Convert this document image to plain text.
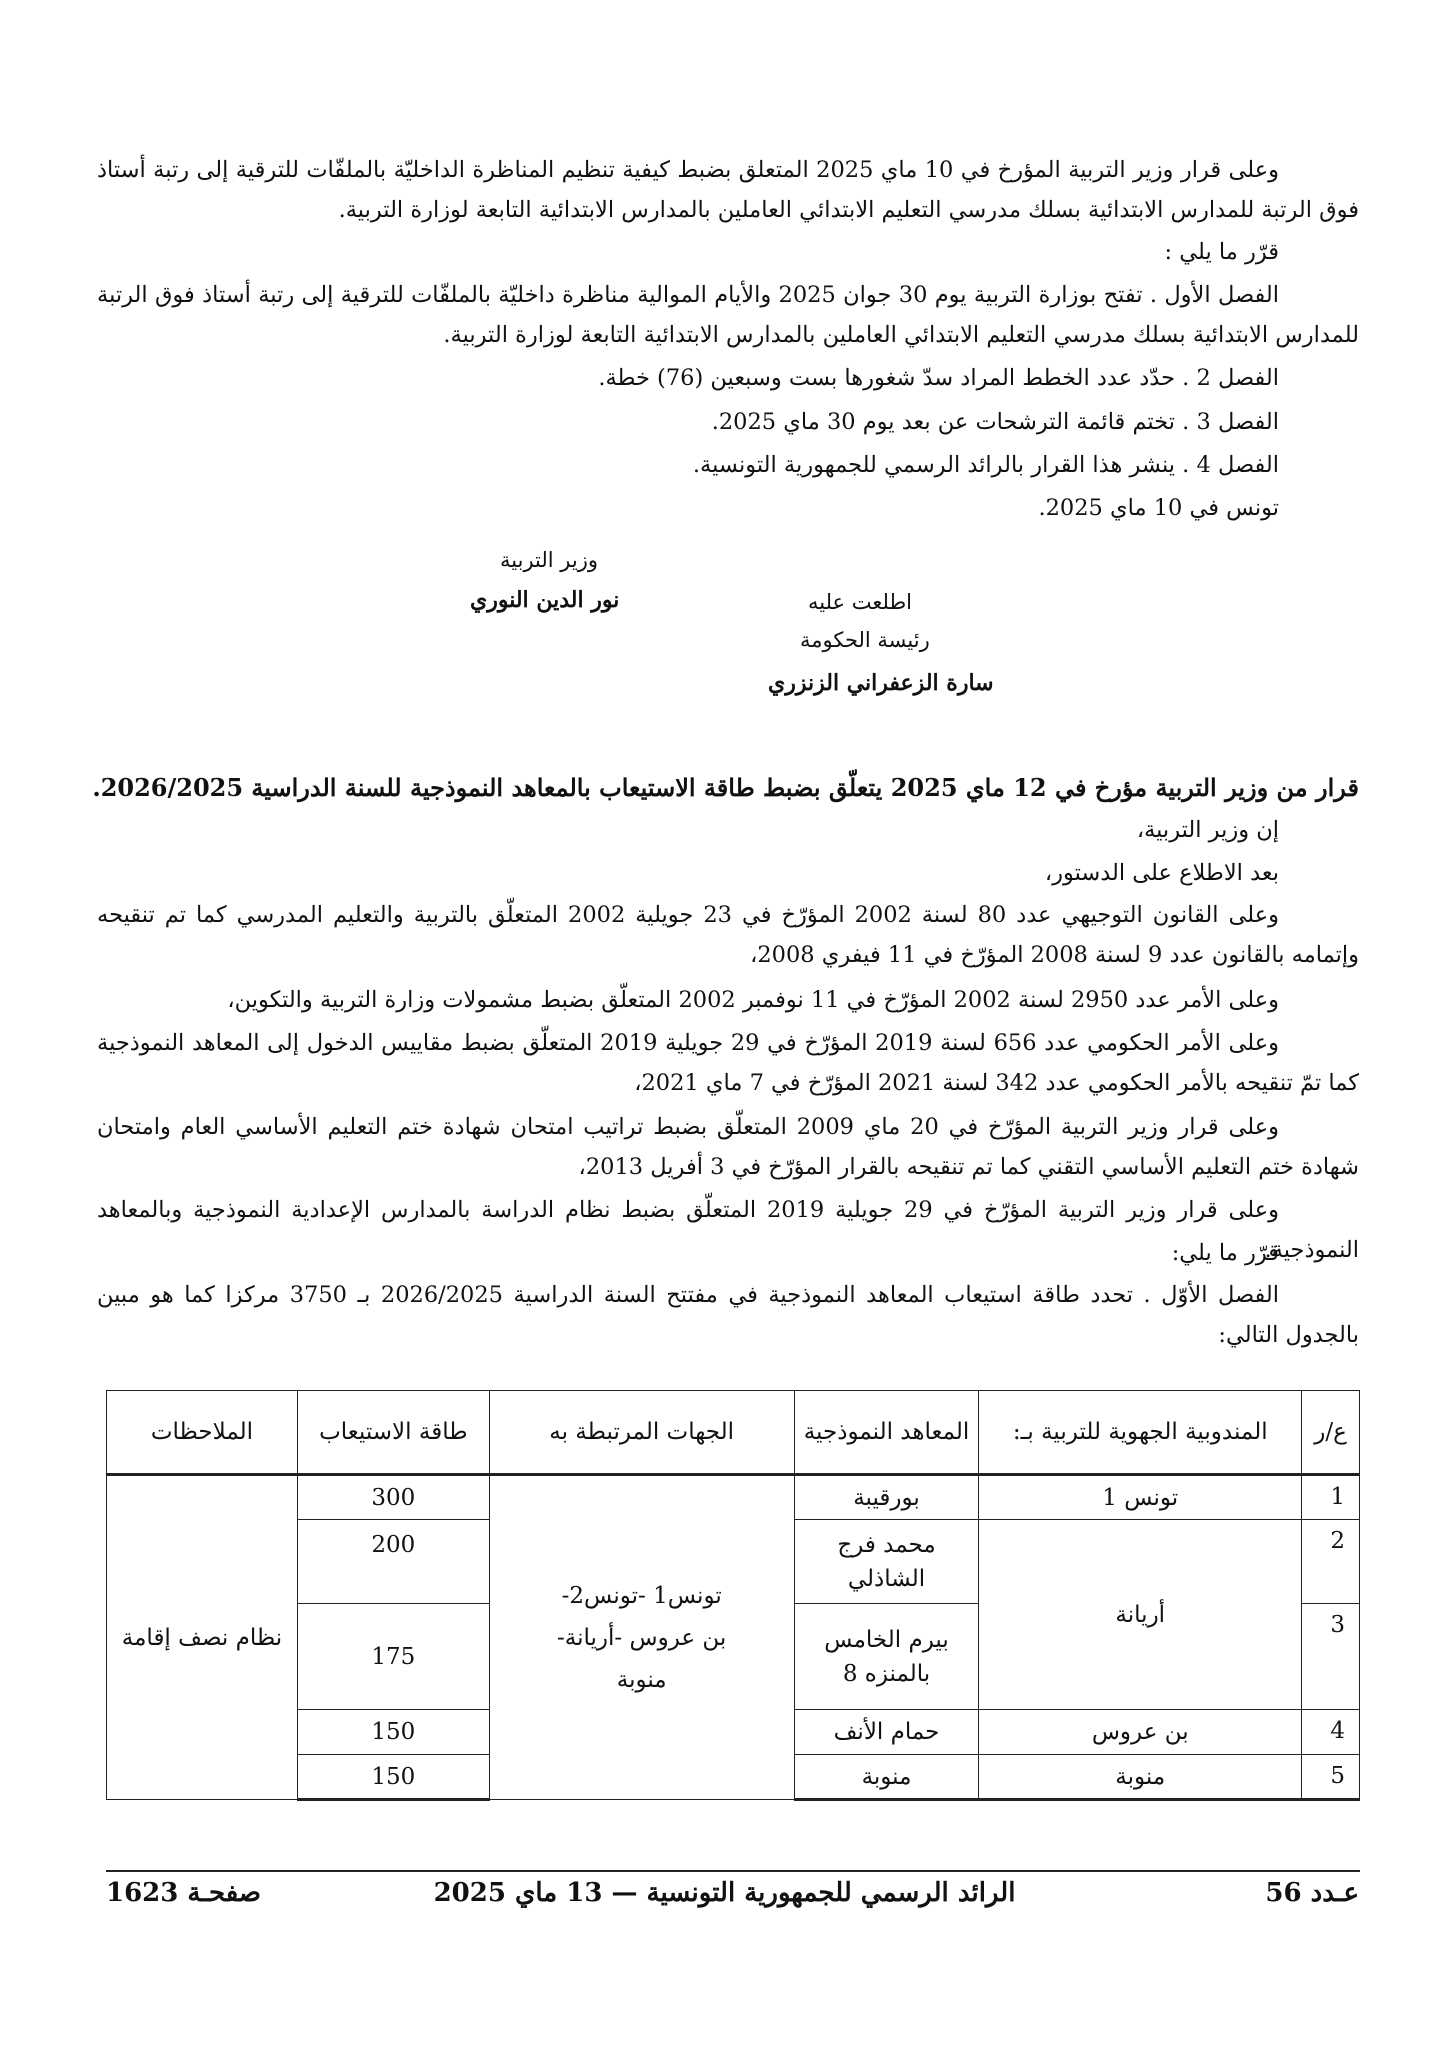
وعلى قرار وزير التربية المؤرخ في 10 ماي 2025 المتعلق بضبط كيفية تنظيم المناظرة الداخليّة بالملفّات للترقية إلى رتبة أستاذ فوق الرتبة للمدارس الابتدائية بسلك مدرسي التعليم الابتدائي العاملين بالمدارس الابتدائية التابعة لوزارة التربية.

قرّر ما يلي :

الفصل الأول . تفتح بوزارة التربية يوم 30 جوان 2025 والأيام الموالية مناظرة داخليّة بالملفّات للترقية إلى رتبة أستاذ فوق الرتبة للمدارس الابتدائية بسلك مدرسي التعليم الابتدائي العاملين بالمدارس الابتدائية التابعة لوزارة التربية.

الفصل 2 . حدّد عدد الخطط المراد سدّ شغورها بست وسبعين (76) خطة.

الفصل 3 . تختم قائمة الترشحات عن بعد يوم 30 ماي 2025.

الفصل 4 . ينشر هذا القرار بالرائد الرسمي للجمهورية التونسية.

تونس في 10 ماي 2025.

وزير التربية
نور الدين النوري	اطلعت عليه
رئيسة الحكومة
سارة الزعفراني الزنزري

قرار من وزير التربية مؤرخ في 12 ماي 2025 يتعلّق بضبط طاقة الاستيعاب بالمعاهد النموذجية للسنة الدراسية 2026/2025.

إن وزير التربية،

بعد الاطلاع على الدستور،

وعلى القانون التوجيهي عدد 80 لسنة 2002 المؤرّخ في 23 جويلية 2002 المتعلّق بالتربية والتعليم المدرسي كما تم تنقيحه وإتمامه بالقانون عدد 9 لسنة 2008 المؤرّخ في 11 فيفري 2008،

وعلى الأمر عدد 2950 لسنة 2002 المؤرّخ في 11 نوفمبر 2002 المتعلّق بضبط مشمولات وزارة التربية والتكوين،

وعلى الأمر الحكومي عدد 656 لسنة 2019 المؤرّخ في 29 جويلية 2019 المتعلّق بضبط مقاييس الدخول إلى المعاهد النموذجية كما تمّ تنقيحه بالأمر الحكومي عدد 342 لسنة 2021 المؤرّخ في 7 ماي 2021،

وعلى قرار وزير التربية المؤرّخ في 20 ماي 2009 المتعلّق بضبط تراتيب امتحان شهادة ختم التعليم الأساسي العام وامتحان شهادة ختم التعليم الأساسي التقني كما تم تنقيحه بالقرار المؤرّخ في 3 أفريل 2013،

وعلى قرار وزير التربية المؤرّخ في 29 جويلية 2019 المتعلّق بضبط نظام الدراسة بالمدارس الإعدادية النموذجية وبالمعاهد النموذجية.

قرّر ما يلي:

الفصل الأوّل . تحدد طاقة استيعاب المعاهد النموذجية في مفتتح السنة الدراسية 2026/2025 بـ 3750 مركزا كما هو مبين بالجدول التالي:

ع/ر	المندوبية الجهوية للتربية بـ:	المعاهد النموذجية	الجهات المرتبطة به	طاقة الاستيعاب	الملاحظات
1	تونس 1	بورقيبة	تونس1 -تونس2- بن عروس -أريانة- منوبة	300	نظام نصف إقامة
2	أريانة	محمد فرج الشاذلي		200	
3		بيرم الخامس بالمنزه 8		175	
4	بن عروس	حمام الأنف		150	
5	منوبة	منوبة		150	
عـدد 56
الرائد الرسمي للجمهورية التونسية — 13 ماي 2025
صفحـة 1623
